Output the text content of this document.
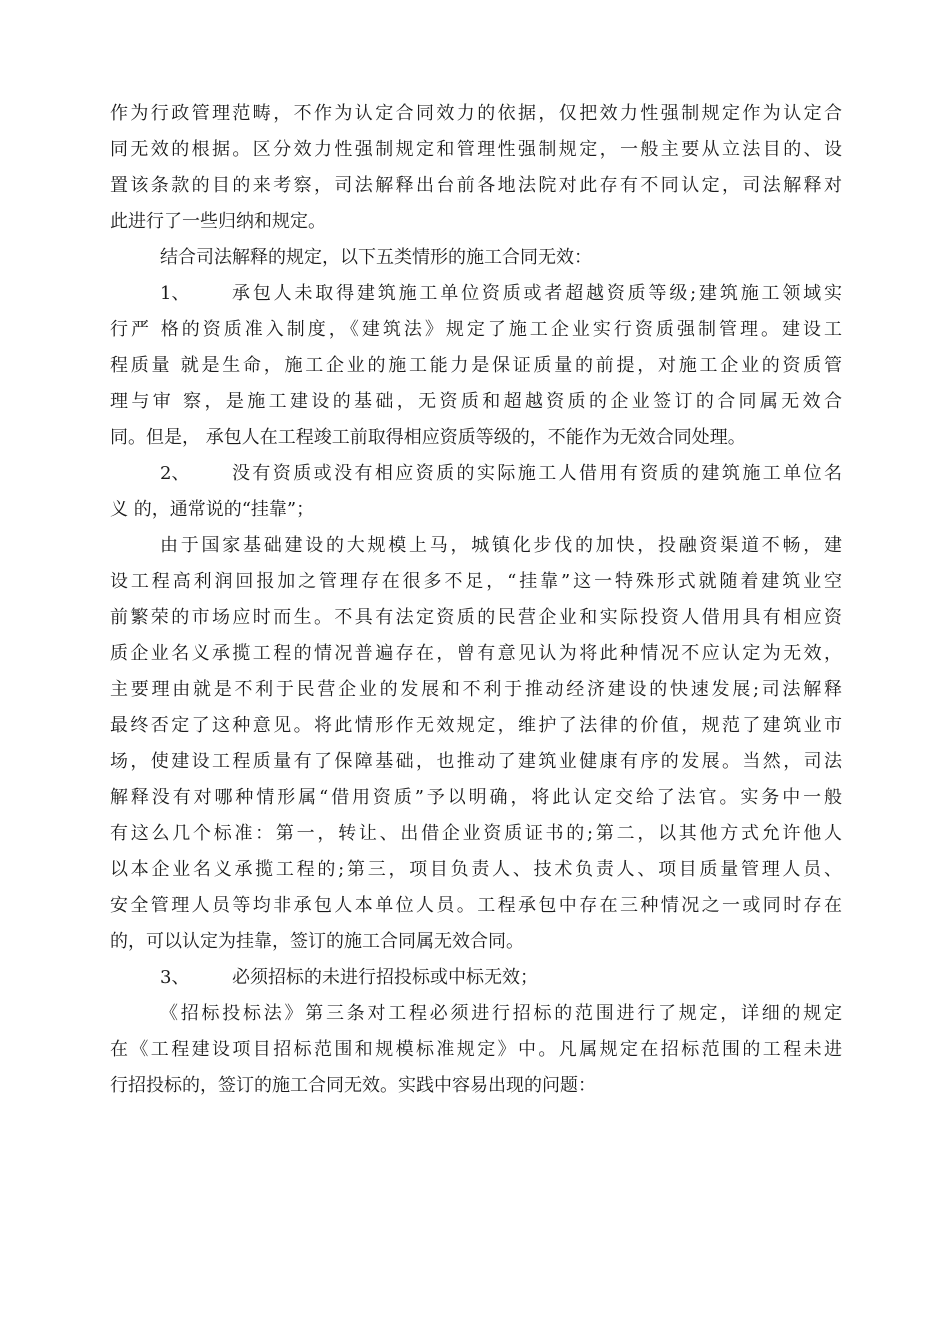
作为行政管理范畴，不作为认定合同效力的依据，仅把效力性强制规定作为认定合
同无效的根据。区分效力性强制规定和管理性强制规定，一般主要从立法目的、设
置该条款的目的来考察，司法解释出台前各地法院对此存有不同认定，司法解释对
此进行了一些归纳和规定。
结合司法解释的规定，以下五类情形的施工合同无效：
1、	承包人未取得建筑施工单位资质或者超越资质等级;建筑施工领域实
行严 格的资质准入制度，《建筑法》规定了施工企业实行资质强制管理。建设工
程质量 就是生命，施工企业的施工能力是保证质量的前提，对施工企业的资质管
理与审 察，是施工建设的基础，无资质和超越资质的企业签订的合同属无效合
同。但是， 承包人在工程竣工前取得相应资质等级的，不能作为无效合同处理。
2、	没有资质或没有相应资质的实际施工人借用有资质的建筑施工单位名
义 的，通常说的“挂靠”；
由于国家基础建设的大规模上马，城镇化步伐的加快，投融资渠道不畅，建
设工程高利润回报加之管理存在很多不足，“挂靠”这一特殊形式就随着建筑业空
前繁荣的市场应时而生。不具有法定资质的民营企业和实际投资人借用具有相应资
质企业名义承揽工程的情况普遍存在，曾有意见认为将此种情况不应认定为无效，
主要理由就是不利于民营企业的发展和不利于推动经济建设的快速发展;司法解释
最终否定了这种意见。将此情形作无效规定，维护了法律的价值，规范了建筑业市
场，使建设工程质量有了保障基础，也推动了建筑业健康有序的发展。当然，司法
解释没有对哪种情形属“借用资质”予以明确，将此认定交给了法官。实务中一般
有这么几个标准：第一，转让、出借企业资质证书的;第二，以其他方式允许他人
以本企业名义承揽工程的;第三，项目负责人、技术负责人、项目质量管理人员、
安全管理人员等均非承包人本单位人员。工程承包中存在三种情况之一或同时存在
的，可以认定为挂靠，签订的施工合同属无效合同。
3、	必须招标的未进行招投标或中标无效；
《招标投标法》第三条对工程必须进行招标的范围进行了规定，详细的规定
在《工程建设项目招标范围和规模标准规定》中。凡属规定在招标范围的工程未进
行招投标的，签订的施工合同无效。实践中容易出现的问题：
